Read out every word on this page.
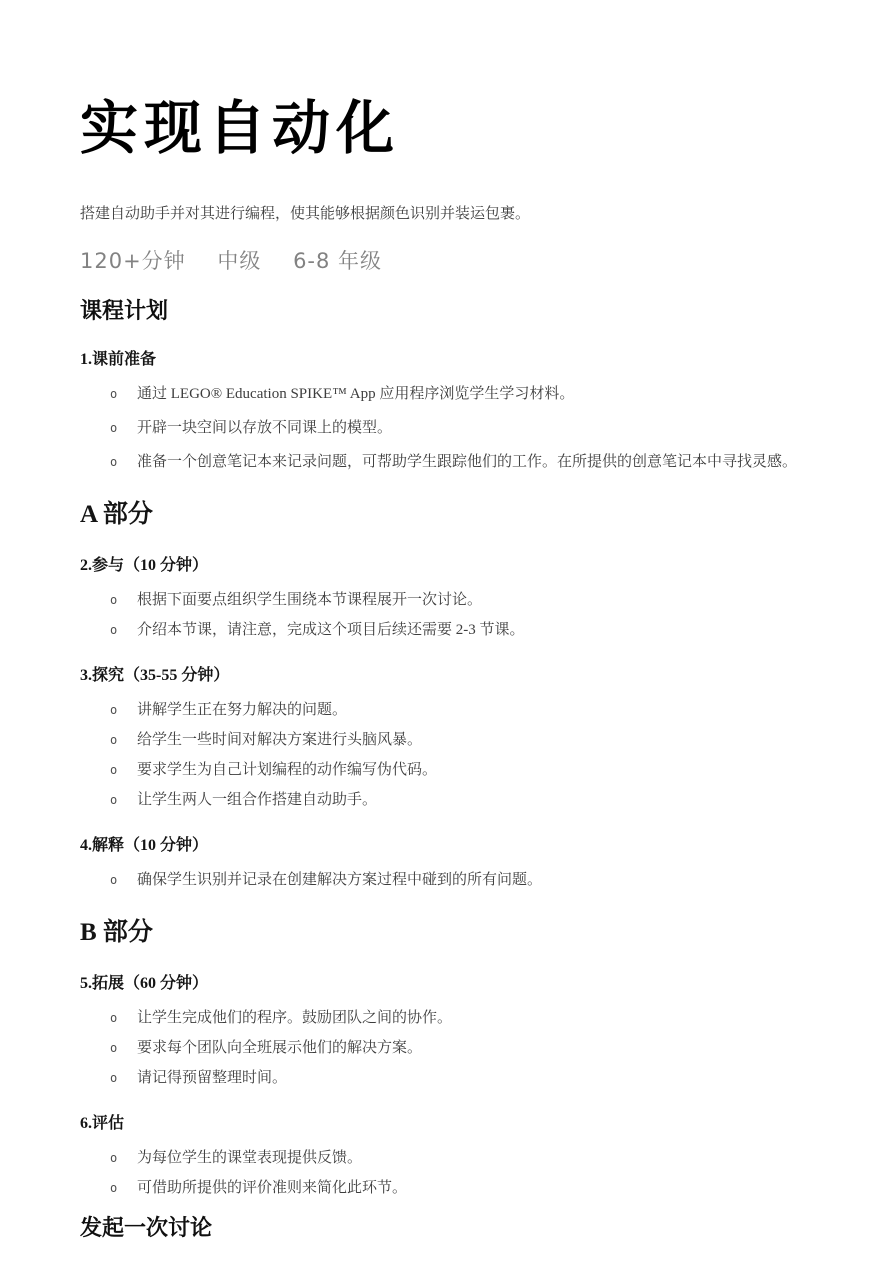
实现自动化

搭建自动助手并对其进行编程，使其能够根据颜色识别并装运包裹。

120+分钟 中级 6-8 年级
课程计划
1.课前准备
o 通过 LEGO® Education SPIKE™ App 应用程序浏览学生学习材料。
o 开辟一块空间以存放不同课上的模型。
o 准备一个创意笔记本来记录问题，可帮助学生跟踪他们的工作。在所提供的创意笔记本中寻找灵感。
A 部分
2.参与（10 分钟）
o 根据下面要点组织学生围绕本节课程展开一次讨论。
o 介绍本节课，请注意，完成这个项目后续还需要 2-3 节课。
3.探究（35-55 分钟）
o 讲解学生正在努力解决的问题。
o 给学生一些时间对解决方案进行头脑风暴。
o 要求学生为自己计划编程的动作编写伪代码。
o 让学生两人一组合作搭建自动助手。
4.解释（10 分钟）
o 确保学生识别并记录在创建解决方案过程中碰到的所有问题。
B 部分
5.拓展（60 分钟）
o 让学生完成他们的程序。鼓励团队之间的协作。
o 要求每个团队向全班展示他们的解决方案。
o 请记得预留整理时间。
6.评估
o 为每位学生的课堂表现提供反馈。
o 可借助所提供的评价准则来简化此环节。
发起一次讨论
